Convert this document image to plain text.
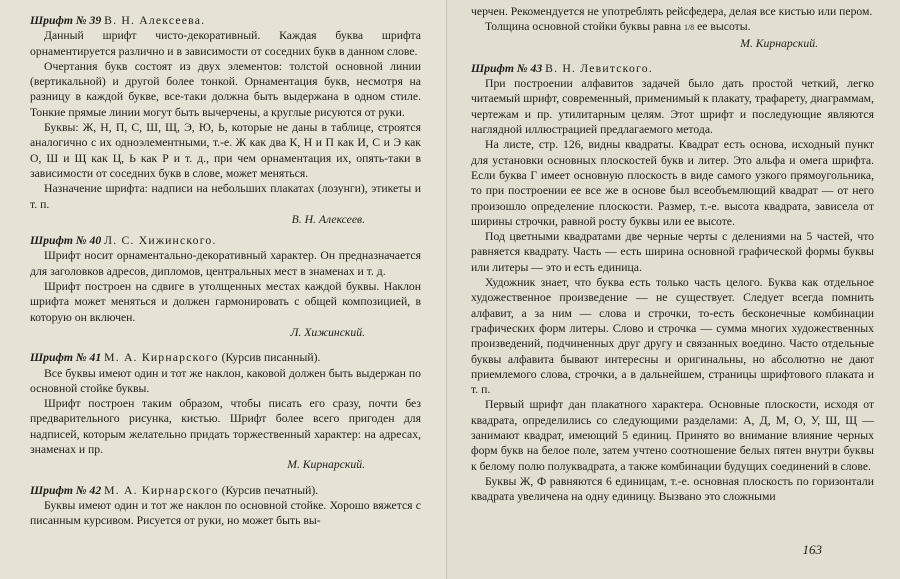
Шрифт № 39 В. Н. Алексеева.

Данный шрифт чисто-декоративный. Каждая буква шрифта орнаментируется различно и в зависимости от соседних букв в данном слове.

Очертания букв состоят из двух элементов: толстой основной линии (вертикальной) и другой более тонкой. Орнаментация букв, несмотря на разницу в каждой букве, все-таки должна быть выдержана в одном стиле. Тонкие прямые линии могут быть вычерчены, а круглые рисуются от руки.

Буквы: Ж, Н, П, С, Ш, Щ, Э, Ю, Ь, которые не даны в таблице, строятся аналогично с их одноэлементными, т.-е. Ж как два К, Н и П как И, С и Э как О, Ш и Щ как Ц, Ь как Р и т. д., при чем орнаментация их, опять-таки в зависимости от соседних букв в слове, может меняться.

Назначение шрифта: надписи на небольших плакатах (лозунги), этикеты и т. п.

В. Н. Алексеев.
Шрифт № 40 Л. С. Хижинского.

Шрифт носит орнаментально-декоративный характер. Он предназначается для заголовков адресов, дипломов, центральных мест в знаменах и т. д.

Шрифт построен на сдвиге в утолщенных местах каждой буквы. Наклон шрифта может меняться и должен гармонировать с общей композицией, в которую он включен.

Л. Хижинский.
Шрифт № 41 М. А. Кирнарского (Курсив писанный).

Все буквы имеют один и тот же наклон, каковой должен быть выдержан по основной стойке буквы.

Шрифт построен таким образом, чтобы писать его сразу, почти без предварительного рисунка, кистью. Шрифт более всего пригоден для надписей, которым желательно придать торжественный характер: на адресах, знаменах и пр.

М. Кирнарский.
Шрифт № 42 М. А. Кирнарского (Курсив печатный).

Буквы имеют один и тот же наклон по основной стойке. Хорошо вяжется с писанным курсивом. Рисуется от руки, но может быть вы-

черчен. Рекомендуется не употреблять рейсфедера, делая все кистью или пером.

Толщина основной стойки буквы равна 1/8 ее высоты.

М. Кирнарский.
Шрифт № 43 В. Н. Левитского.

При построении алфавитов задачей было дать простой четкий, легко читаемый шрифт, современный, применимый к плакату, трафарету, диаграммам, чертежам и пр. утилитарным целям. Этот шрифт и последующие являются наглядной иллюстрацией предлагаемого метода.

На листе, стр. 126, видны квадраты. Квадрат есть основа, исходный пункт для установки основных плоскостей букв и литер. Это альфа и омега шрифта. Если буква Г имеет основную плоскость в виде самого узкого прямоугольника, то при построении ее все же в основе был всеобъемлющий квадрат — от него произошло определение плоскости. Размер, т.-е. высота квадрата, зависела от ширины строчки, равной росту буквы или ее высоте.

Под цветными квадратами две черные черты с делениями на 5 частей, что равняется квадрату. Часть — есть ширина основной графической формы буквы или литеры — это и есть единица.

Художник знает, что буква есть только часть целого. Буква как отдельное художественное произведение — не существует. Следует всегда помнить алфавит, а за ним — слова и строчки, то-есть бесконечные комбинации графических форм литеры. Слово и строчка — сумма многих художественных произведений, подчиненных друг другу и связанных воедино. Часто отдельные буквы алфавита бывают интересны и оригинальны, но абсолютно не дают приемлемого слова, строчки, а в дальнейшем, страницы шрифтового плаката и т. п.

Первый шрифт дан плакатного характера. Основные плоскости, исходя от квадрата, определились со следующими разделами: А, Д, М, О, У, Ш, Щ — занимают квадрат, имеющий 5 единиц. Принято во внимание влияние черных форм букв на белое поле, затем учтено соотношение белых пятен внутри буквы к белому полю полуквадрата, а также комбинации будущих соединений в слове.

Буквы Ж, Ф равняются 6 единицам, т.-е. основная плоскость по горизонтали квадрата увеличена на одну единицу. Вызвано это сложными

163
